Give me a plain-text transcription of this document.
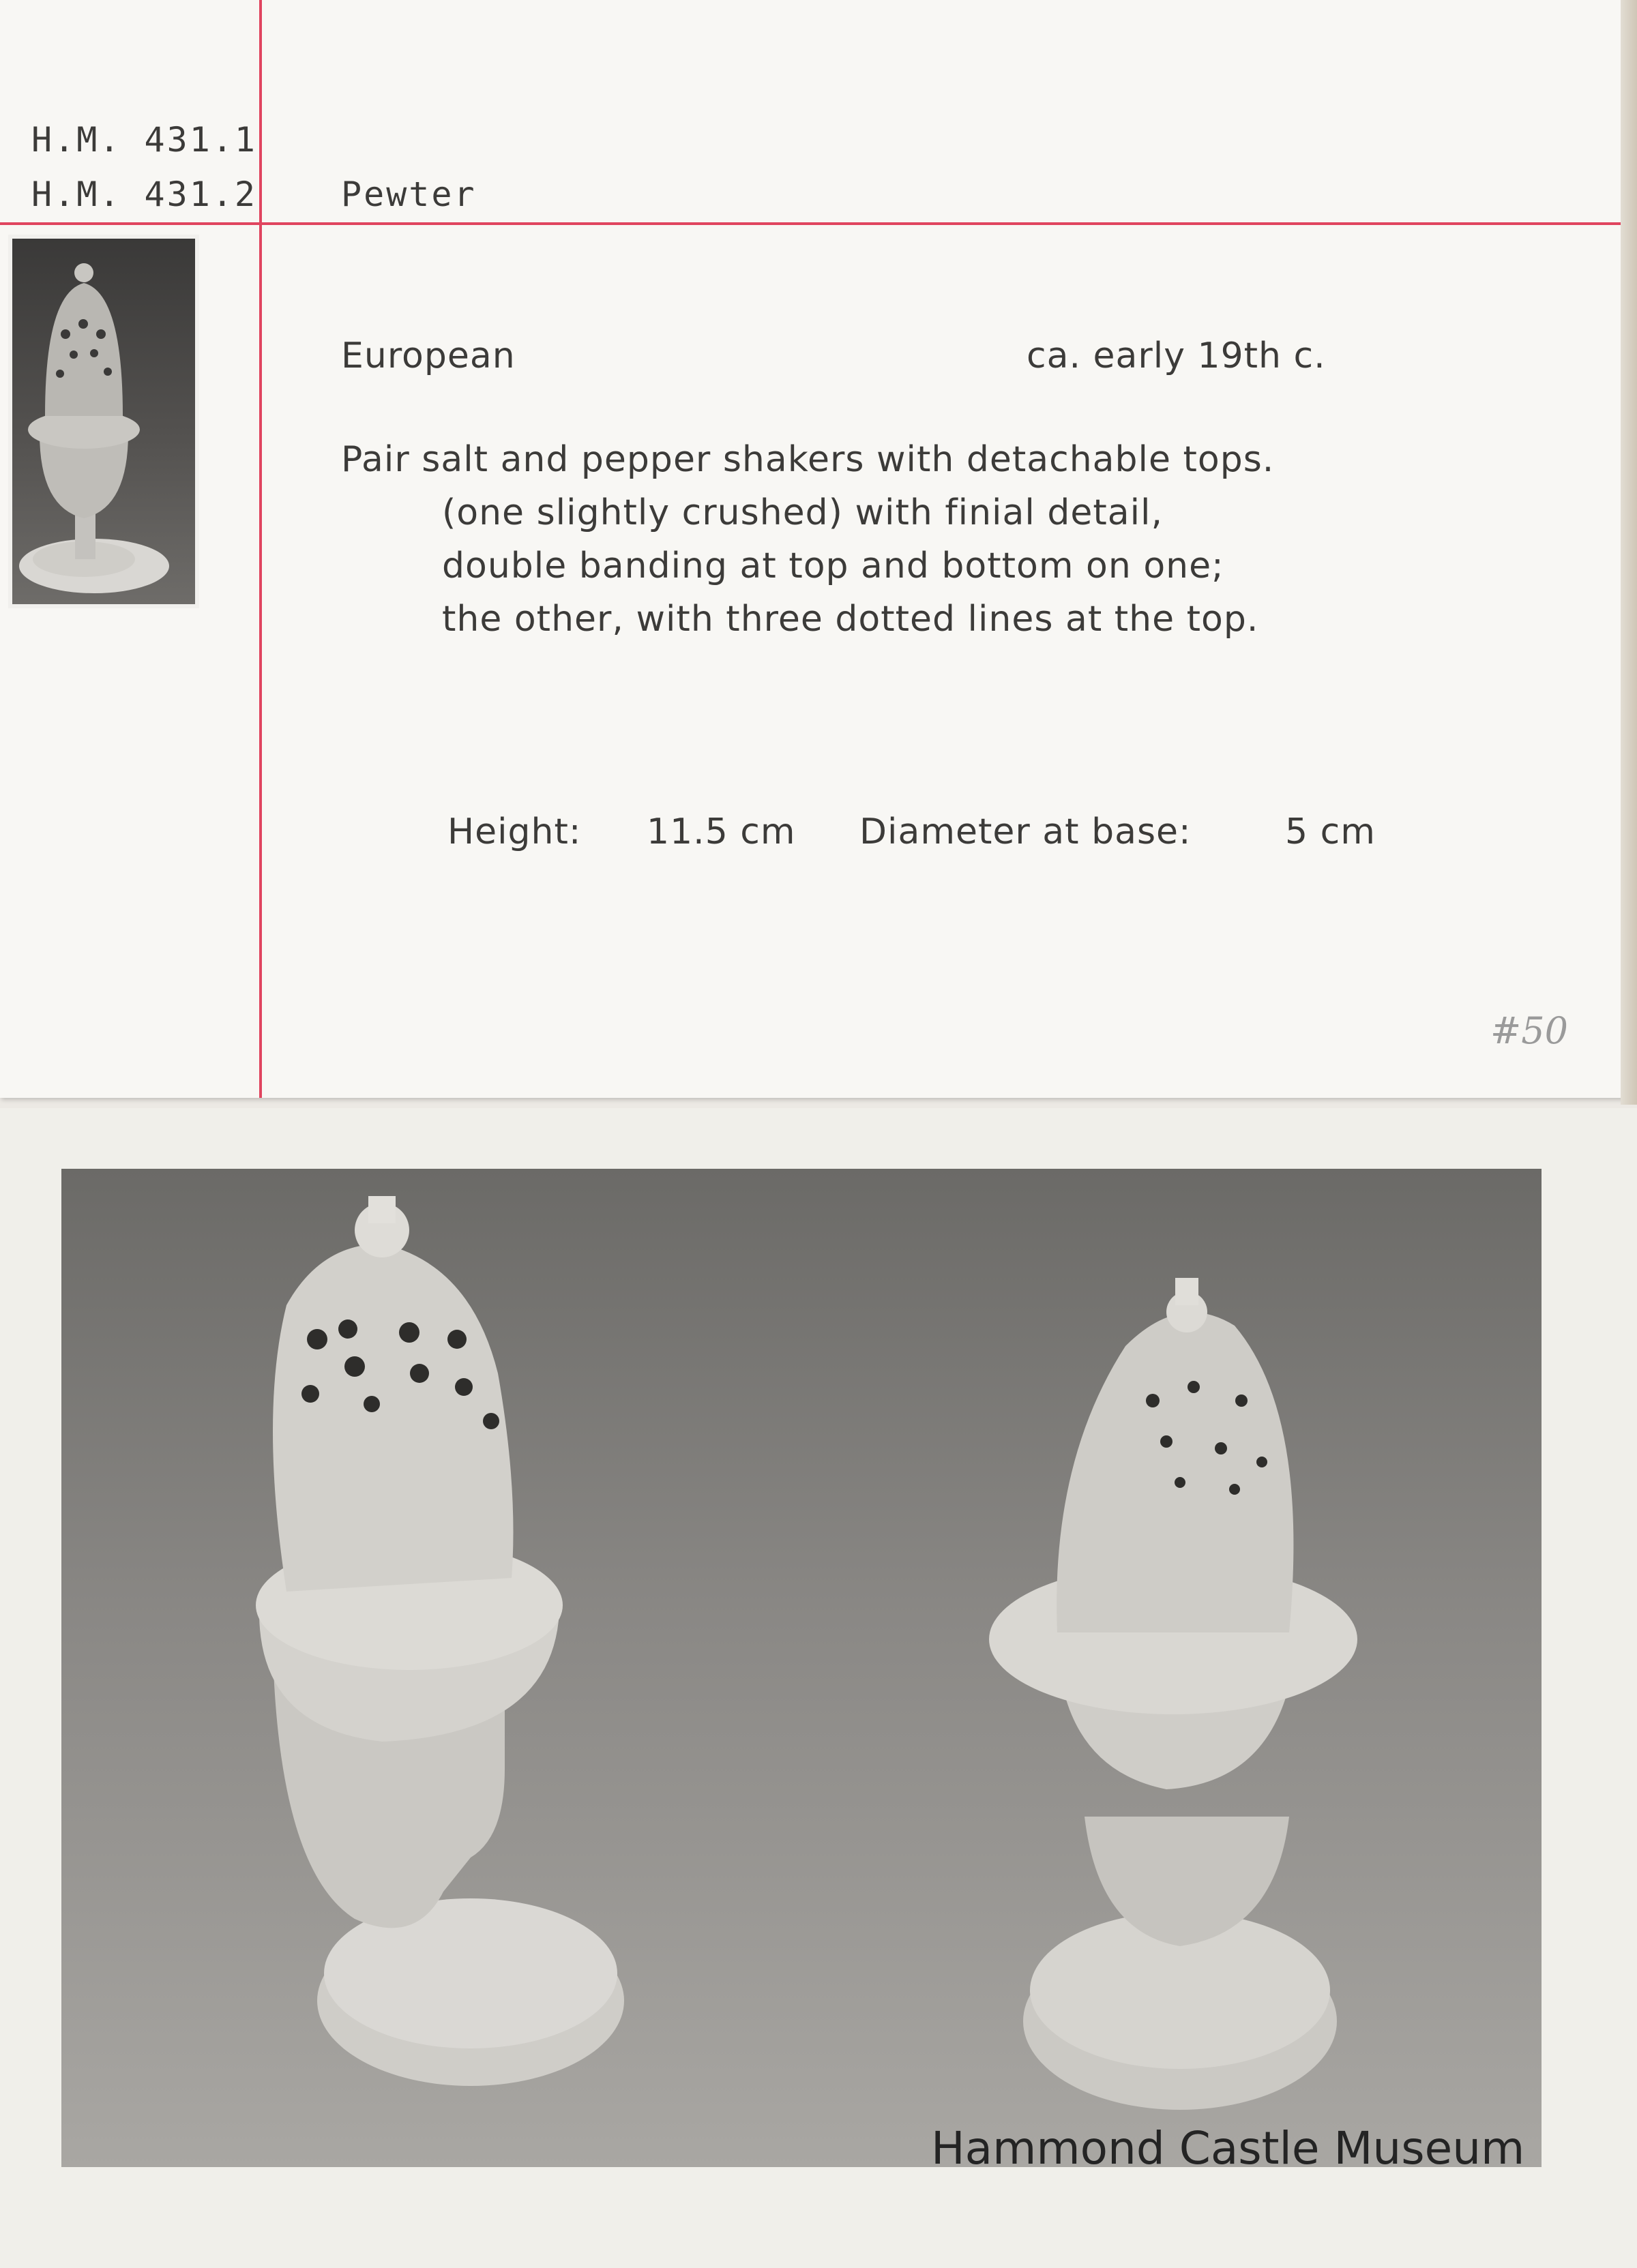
H.M. 431.1
H.M. 431.2 Pewter
European	ca. early 19th c.
Pair salt and pepper shakers with detachable tops.
(one slightly crushed) with finial detail,
double banding at top and bottom on one;
the other, with three dotted lines at the top.
Height: 11.5 cm Diameter at base:	5 cm
#50
Hammond Castle Museum
